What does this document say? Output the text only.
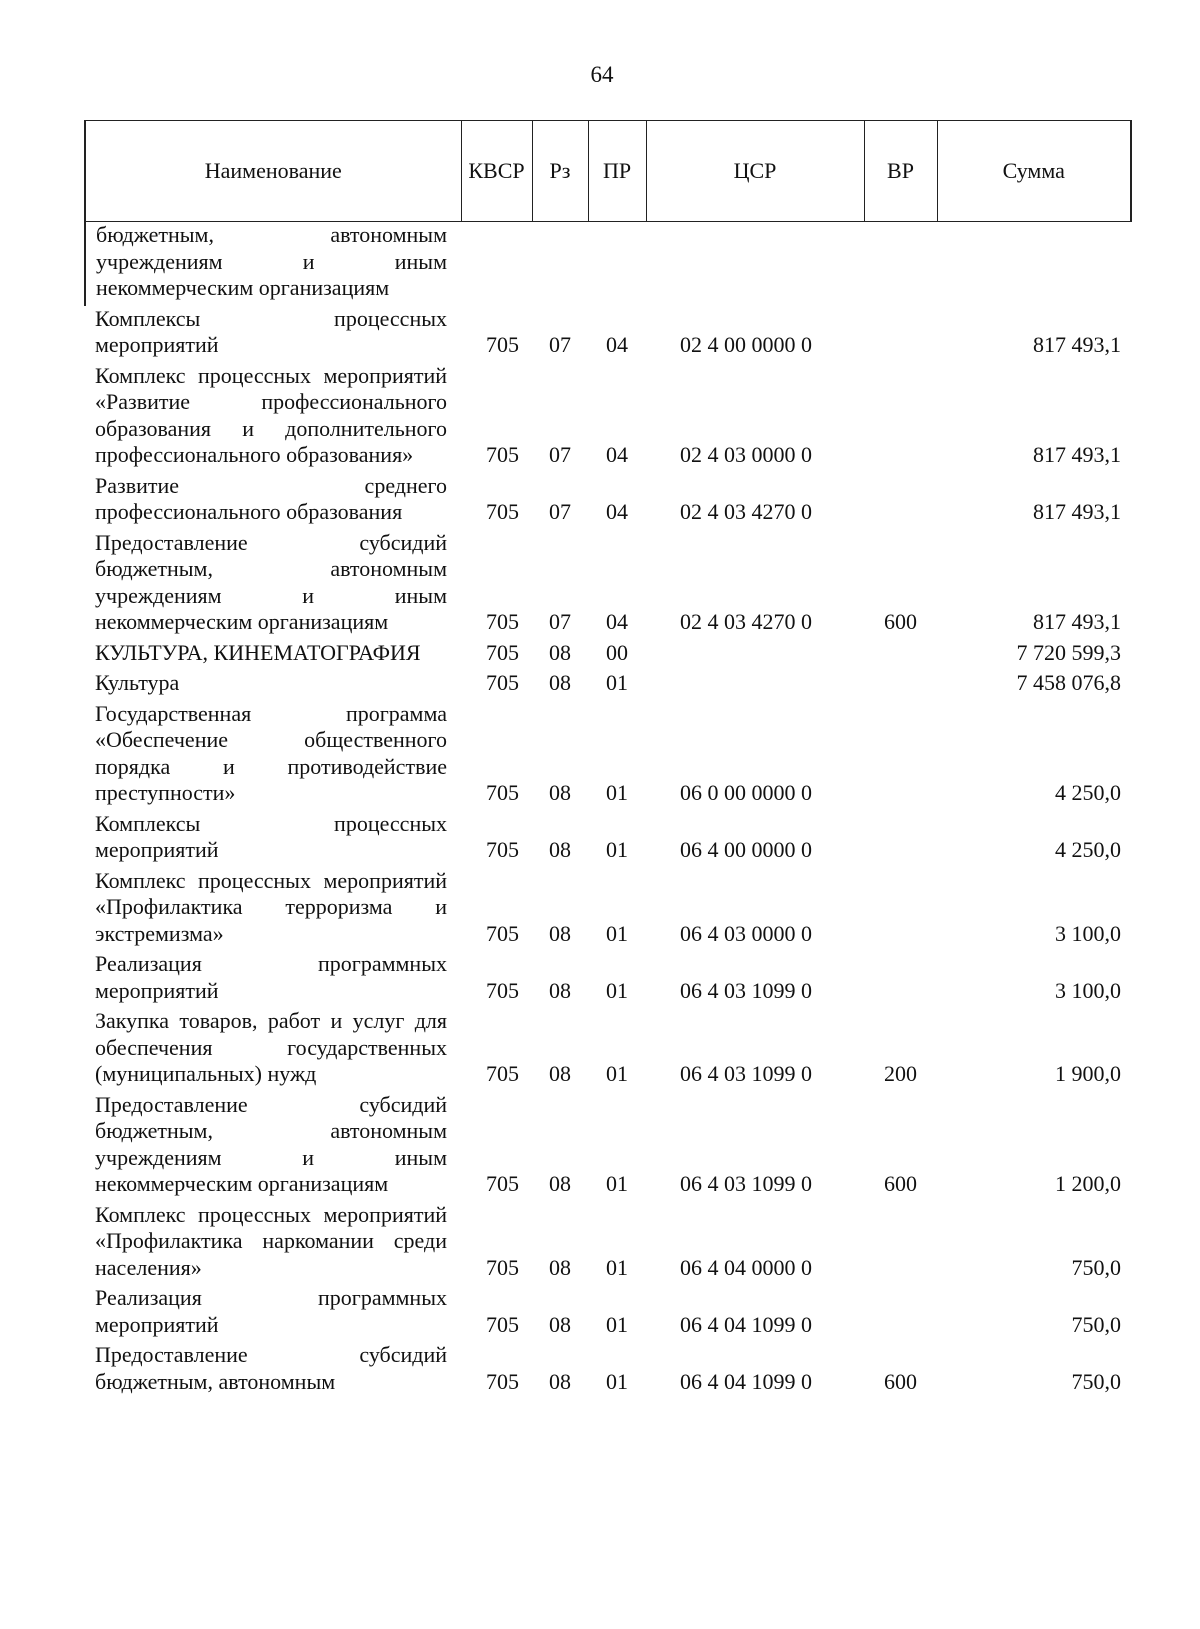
64
Наименование	КВСР	Рз	ПР	ЦСР	ВР	Сумма

бюджетным, автономным учреждениям и иным некоммерческим организациям						

Комплексы процессных мероприятий	705	07	04	02 4 00 0000 0		817 493,1

Комплекс процессных мероприятий «Развитие профессионального образования и дополнительного профессионального образования»	705	07	04	02 4 03 0000 0		817 493,1

Развитие среднего профессионального образования	705	07	04	02 4 03 4270 0		817 493,1

Предоставление субсидий бюджетным, автономным учреждениям и иным некоммерческим организациям	705	07	04	02 4 03 4270 0	600	817 493,1

КУЛЬТУРА, КИНЕМАТОГРАФИЯ	705	08	00			7 720 599,3

Культура	705	08	01			7 458 076,8

Государственная программа «Обеспечение общественного порядка и противодействие преступности»	705	08	01	06 0 00 0000 0		4 250,0

Комплексы процессных мероприятий	705	08	01	06 4 00 0000 0		4 250,0

Комплекс процессных мероприятий «Профилактика терроризма и экстремизма»	705	08	01	06 4 03 0000 0		3 100,0

Реализация программных мероприятий	705	08	01	06 4 03 1099 0		3 100,0

Закупка товаров, работ и услуг для обеспечения государственных (муниципальных) нужд	705	08	01	06 4 03 1099 0	200	1 900,0

Предоставление субсидий бюджетным, автономным учреждениям и иным некоммерческим организациям	705	08	01	06 4 03 1099 0	600	1 200,0

Комплекс процессных мероприятий «Профилактика наркомании среди населения»	705	08	01	06 4 04 0000 0		750,0

Реализация программных мероприятий	705	08	01	06 4 04 1099 0		750,0

Предоставление субсидий бюджетным, автономным	705	08	01	06 4 04 1099 0	600	750,0
